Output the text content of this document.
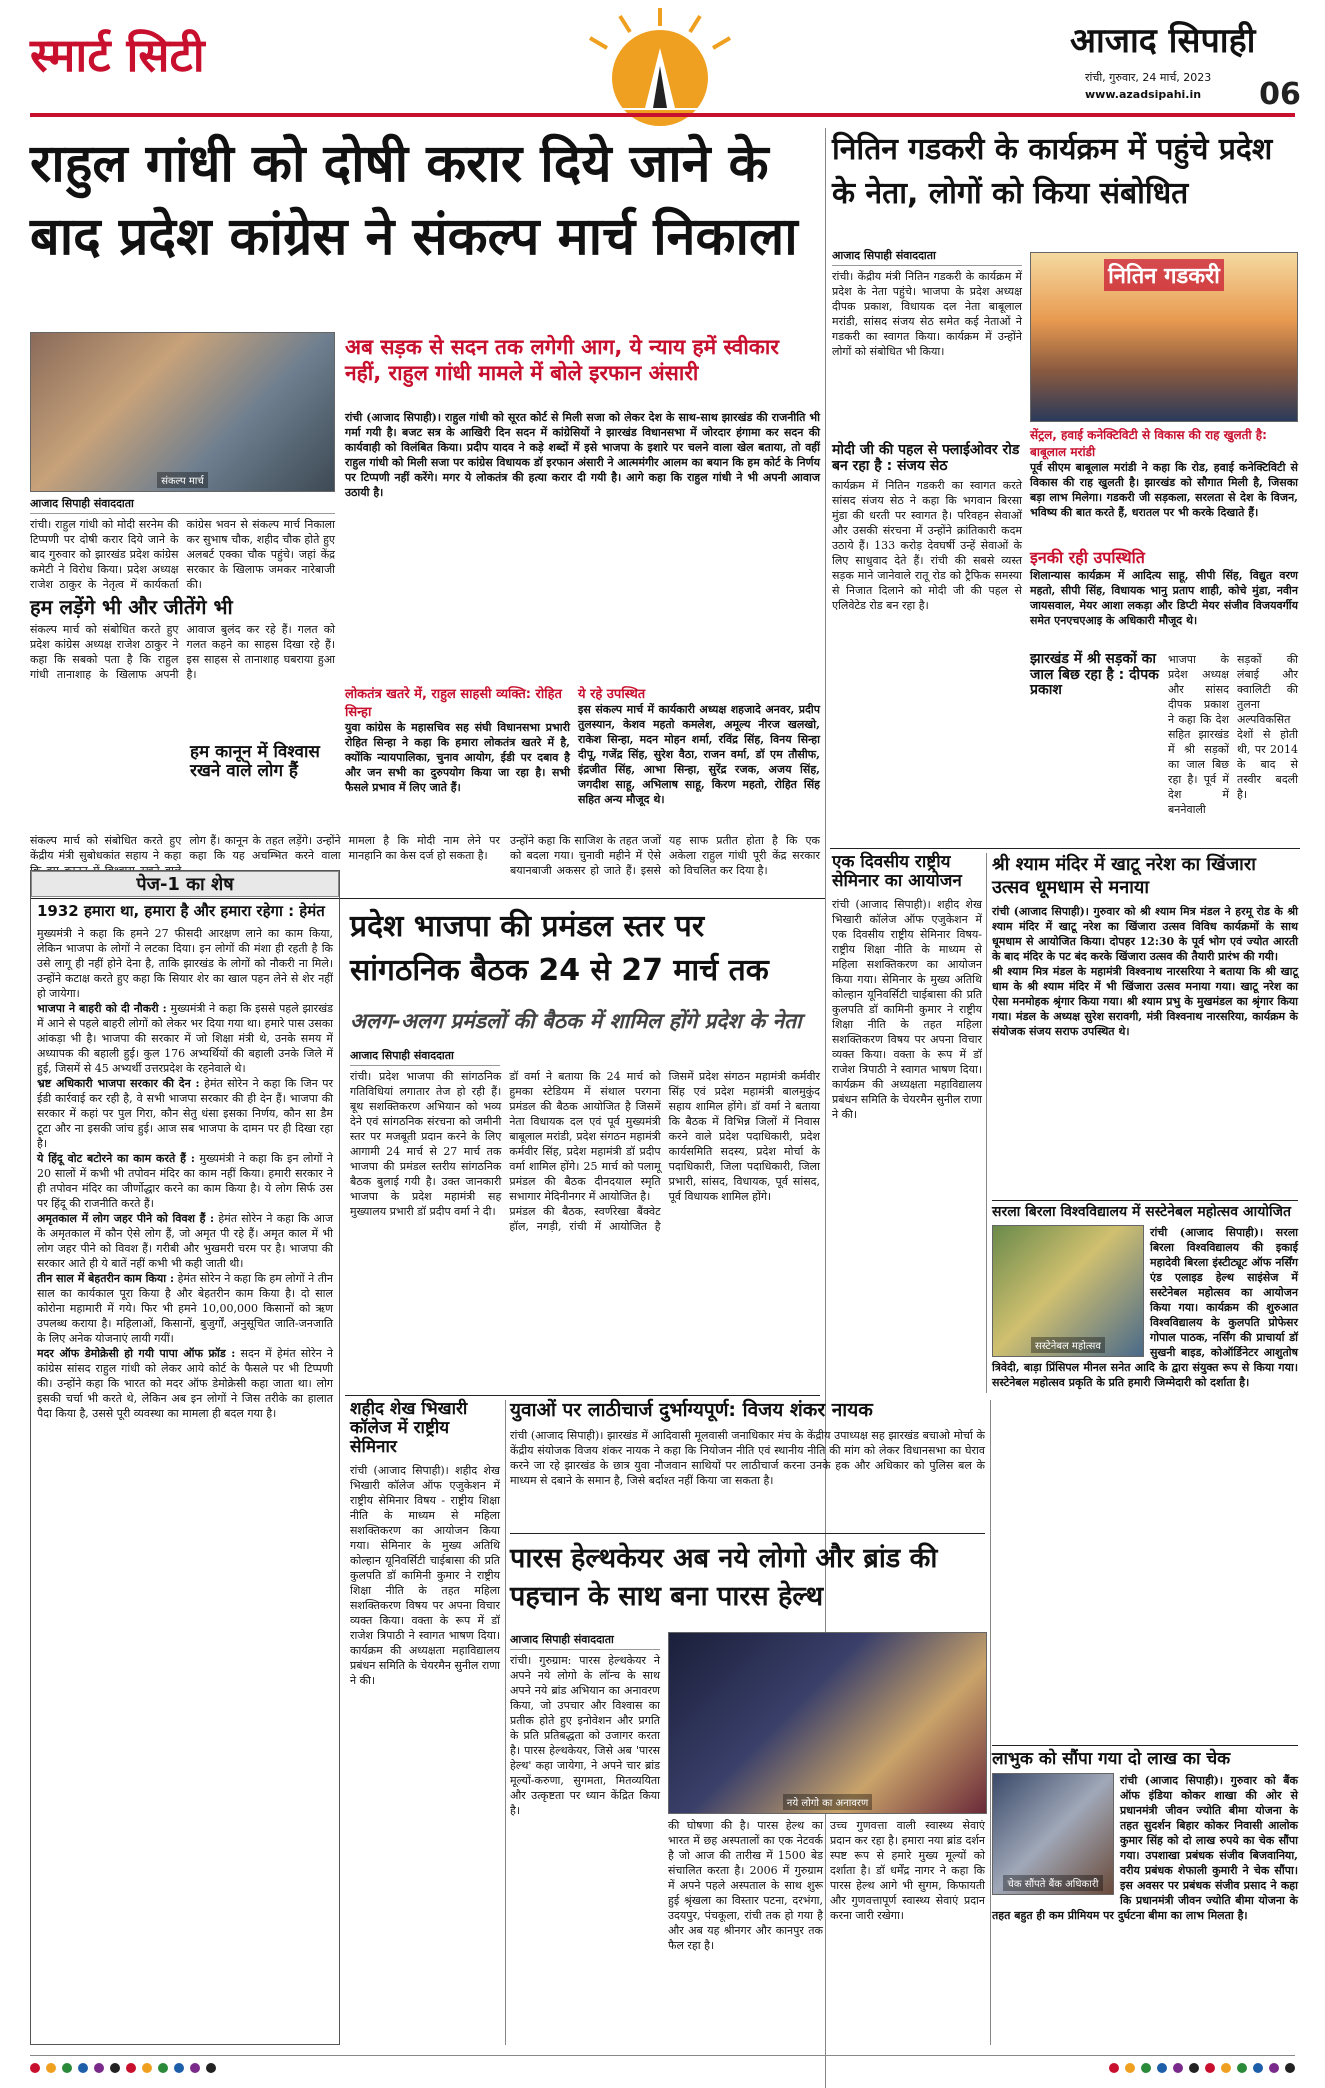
स्मार्ट सिटी	आजाद सिपाही
रांची, गुरुवार, 24 मार्च, 2023
www.azadsipahi.in	06
राहुल गांधी को दोषी करार दिये जाने के बाद प्रदेश कांग्रेस ने संकल्प मार्च निकाला
संकल्प मार्च
आजाद सिपाही संवाददाता
रांची। राहुल गांधी को मोदी सरनेम की टिप्पणी पर दोषी करार दिये जाने के बाद गुरुवार को झारखंड प्रदेश कांग्रेस कमेटी ने विरोध किया। प्रदेश अध्यक्ष राजेश ठाकुर के नेतृत्व में कार्यकर्ता कांग्रेस भवन से संकल्प मार्च निकाला कर सुभाष चौक, शहीद चौक होते हुए अलबर्ट एक्का चौक पहुंचे। जहां केंद्र सरकार के खिलाफ जमकर नारेबाजी की।
हम लड़ेंगे भी और जीतेंगे भी
संकल्प मार्च को संबोधित करते हुए प्रदेश कांग्रेस अध्यक्ष राजेश ठाकुर ने कहा कि सबको पता है कि राहुल गांधी तानाशाह के खिलाफ अपनी आवाज बुलंद कर रहे हैं। गलत को गलत कहने का साहस दिखा रहे हैं। इस साहस से तानाशाह घबराया हुआ है।
हम कानून में विश्वास रखने वाले लोग हैं
संकल्प मार्च को संबोधित करते हुए केंद्रीय मंत्री सुबोधकांत सहाय ने कहा लोग हैं। कानून के तहत लड़ेंगे। उन्होंने कहा कि यह अचम्भित करने वाला मामला है कि मोदी नाम लेने पर मानहानि का केस दर्ज हो सकता है।
उन्होंने कहा कि साजिश के तहत जजों को बदला गया। चुनावी महीने में ऐसे बयानबाजी अकसर हो जाते हैं। इससे यह साफ प्रतीत होता है कि एक अकेला राहुल गांधी पूरी केंद्र सरकार को विचलित कर दिया है।
अब सड़क से सदन तक लगेगी आग, ये न्याय हमें स्वीकार नहीं, राहुल गांधी मामले में बोले इरफान अंसारी
रांची (आजाद सिपाही)। राहुल गांधी को सूरत कोर्ट से मिली सजा को लेकर देश के साथ-साथ झारखंड की राजनीति भी गर्मा गयी है। बजट सत्र के आखिरी दिन सदन में कांग्रेसियों ने झारखंड विधानसभा में जोरदार हंगामा कर सदन की कार्यवाही को विलंबित किया। प्रदीप यादव ने कड़े शब्दों में इसे भाजपा के इशारे पर चलने वाला खेल बताया, तो वहीं राहुल गांधी को मिली सजा पर कांग्रेस विधायक डॉ इरफान अंसारी ने आत्ममंगीर आलम का बयान कि हम कोर्ट के निर्णय पर टिप्पणी नहीं करेंगे। मगर ये लोकतंत्र की हत्या करार दी गयी है। आगे कहा कि राहुल गांधी ने भी अपनी आवाज उठायी है।
लोकतंत्र खतरे में, राहुल साहसी व्यक्ति: रोहित सिन्हा
युवा कांग्रेस के महासचिव सह संघी विधानसभा प्रभारी रोहित सिन्हा ने कहा कि हमारा लोकतंत्र खतरे में है, क्योंकि न्यायपालिका, चुनाव आयोग, ईडी पर दबाव है और जन सभी का दुरुपयोग किया जा रहा है। सभी फैसले प्रभाव में लिए जाते हैं।
ये रहे उपस्थित
इस संकल्प मार्च में कार्यकारी अध्यक्ष शहजादे अनवर, प्रदीप तुलस्यान, केशव महतो कमलेश, अमूल्य नीरज खलखो, राकेश सिन्हा, मदन मोहन शर्मा, रविंद्र सिंह, विनय सिन्हा दीपू, गजेंद्र सिंह, सुरेश वैठा, राजन वर्मा, डॉ एम तौसीफ, इंद्रजीत सिंह, आभा सिन्हा, सुरेंद्र रजक, अजय सिंह, जगदीश साहू, अभिलाष साहू, किरण महतो, रोहित सिंह सहित अन्य मौजूद थे।
नितिन गडकरी के कार्यक्रम में पहुंचे प्रदेश के नेता, लोगों को किया संबोधित
आजाद सिपाही संवाददाता
रांची। केंद्रीय मंत्री नितिन गडकरी के कार्यक्रम में प्रदेश के नेता पहुंचे। भाजपा के प्रदेश अध्यक्ष दीपक प्रकाश, विधायक दल नेता बाबूलाल मरांडी, सांसद संजय सेठ समेत कई नेताओं ने गडकरी का स्वागत किया। कार्यक्रम में उन्होंने लोगों को संबोधित भी किया।
मोदी जी की पहल से फ्लाईओवर रोड बन रहा है : संजय सेठ
कार्यक्रम में नितिन गडकरी का स्वागत करते सांसद संजय सेठ ने कहा कि भगवान बिरसा मुंडा की धरती पर स्वागत है। परिवहन सेवाओं और उसकी संरचना में उन्होंने क्रांतिकारी कदम उठाये हैं। 133 करोड़ देवघर्षी उन्हें सेवाओं के लिए साधुवाद देते हैं। रांची की सबसे व्यस्त सड़क माने जानेवाले रातू रोड को ट्रैफिक समस्या से निजात दिलाने को मोदी जी की पहल से एलिवेटेड रोड बन रहा है।
नितिन गडकरी
सेंट्रल, हवाई कनेक्टिविटी से विकास की राह खुलती है: बाबूलाल मरांडी
पूर्व सीएम बाबूलाल मरांडी ने कहा कि रोड, हवाई कनेक्टिविटी से विकास की राह खुलती है। झारखंड को सौगात मिली है, जिसका बड़ा लाभ मिलेगा। गडकरी जी सड़कला, सरलता से देश के विजन, भविष्य की बात करते हैं, धरातल पर भी करके दिखाते हैं।
इनकी रही उपस्थिति
शिलान्यास कार्यक्रम में आदित्य साहू, सीपी सिंह, विद्युत वरण महतो, सीपी सिंह, विधायक भानु प्रताप शाही, कोचे मुंडा, नवीन जायसवाल, मेयर आशा लकड़ा और डिप्टी मेयर संजीव विजयवर्गीय समेत एनएचएआइ के अधिकारी मौजूद थे।
झारखंड में श्री सड़कों का जाल बिछ रहा है : दीपक प्रकाश
भाजपा के प्रदेश अध्यक्ष और सांसद दीपक प्रकाश ने कहा कि देश सहित झारखंड में श्री सड़कों का जाल बिछ रहा है। पूर्व में देश में बननेवाली सड़कों की लंबाई और क्वालिटी की तुलना अल्पविकसित देशों से होती थी, पर 2014 के बाद से तस्वीर बदली है।
पेज-1 का शेष
1932 हमारा था, हमारा है और हमारा रहेगा : हेमंत
मुख्यमंत्री ने कहा कि हमने 27 फीसदी आरक्षण लाने का काम किया, लेकिन भाजपा के लोगों ने लटका दिया। इन लोगों की मंशा ही रहती है कि उसे लागू ही नहीं होने देना है, ताकि झारखंड के लोगों को नौकरी ना मिले। उन्होंने कटाक्ष करते हुए कहा कि सियार शेर का खाल पहन लेने से शेर नहीं हो जायेगा।
भाजपा ने बाहरी को दी नौकरी : मुख्यमंत्री ने कहा कि इससे पहले झारखंड में आने से पहले बाहरी लोगों को लेकर भर दिया गया था। हमारे पास उसका आंकड़ा भी है। भाजपा की सरकार में जो शिक्षा मंत्री थे, उनके समय में अध्यापक की बहाली हुई। कुल 176 अभ्यर्थियों की बहाली उनके जिले में हुई, जिसमें से 45 अभ्यर्थी उत्तरप्रदेश के रहनेवाले थे।
भ्रष्ट अधिकारी भाजपा सरकार की देन : हेमंत सोरेन ने कहा कि जिन पर ईडी कार्रवाई कर रही है, वे सभी भाजपा सरकार की ही देन हैं। भाजपा की सरकार में कहां पर पुल गिरा, कौन सेतु धंसा इसका निर्णय, कौन सा डैम टूटा और ना इसकी जांच हुई। आज सब भाजपा के दामन पर ही दिखा रहा है।
ये हिंदू वोट बटोरने का काम करते हैं : मुख्यमंत्री ने कहा कि इन लोगों ने 20 सालों में कभी भी तपोवन मंदिर का काम नहीं किया। हमारी सरकार ने ही तपोवन मंदिर का जीर्णोद्धार करने का काम किया है। ये लोग सिर्फ उस पर हिंदू की राजनीति करते हैं।
अमृतकाल में लोग जहर पीने को विवश हैं : हेमंत सोरेन ने कहा कि आज के अमृतकाल में कौन ऐसे लोग हैं, जो अमृत पी रहे हैं। अमृत काल में भी लोग जहर पीने को विवश हैं। गरीबी और भुखमरी चरम पर है। भाजपा की सरकार आते ही ये बातें नहीं कभी भी कही जाती थी।
तीन साल में बेहतरीन काम किया : हेमंत सोरेन ने कहा कि हम लोगों ने तीन साल का कार्यकाल पूरा किया है और बेहतरीन काम किया है। दो साल कोरोना महामारी में गये। फिर भी हमने 10,00,000 किसानों को ऋण उपलब्ध कराया है। महिलाओं, किसानों, बुजुर्गों, अनुसूचित जाति-जनजाति के लिए अनेक योजनाएं लायी गयीं।
मदर ऑफ डेमोक्रेसी हो गयी पापा ऑफ फ्रॉड : सदन में हेमंत सोरेन ने कांग्रेस सांसद राहुल गांधी को लेकर आये कोर्ट के फैसले पर भी टिप्पणी की। उन्होंने कहा कि भारत को मदर ऑफ डेमोक्रेसी कहा जाता था। लोग इसकी चर्चा भी करते थे, लेकिन अब इन लोगों ने जिस तरीके का हालात पैदा किया है, उससे पूरी व्यवस्था का मामला ही बदल गया है।
प्रदेश भाजपा की प्रमंडल स्तर पर सांगठनिक बैठक 24 से 27 मार्च तक
अलग-अलग प्रमंडलों की बैठक में शामिल होंगे प्रदेश के नेता
आजाद सिपाही संवाददाता
रांची। प्रदेश भाजपा की सांगठनिक गतिविधियां लगातार तेज हो रही हैं। बूथ सशक्तिकरण अभियान को भव्य देने एवं सांगठनिक संरचना को जमीनी स्तर पर मजबूती प्रदान करने के लिए आगामी 24 मार्च से 27 मार्च तक भाजपा की प्रमंडल स्तरीय सांगठनिक बैठक बुलाई गयी है। उक्त जानकारी भाजपा के प्रदेश महामंत्री सह मुख्यालय प्रभारी डॉ प्रदीप वर्मा ने दी।
डॉ वर्मा ने बताया कि 24 मार्च को हुमका स्टेडियम में संथाल परगना प्रमंडल की बैठक आयोजित है जिसमें नेता विधायक दल एवं पूर्व मुख्यमंत्री बाबूलाल मरांडी, प्रदेश संगठन महामंत्री कर्मवीर सिंह, प्रदेश महामंत्री डॉ प्रदीप वर्मा शामिल होंगे। 25 मार्च को पलामू प्रमंडल की बैठक दीनदयाल स्मृति सभागार मेदिनीनगर में आयोजित है।
प्रमंडल की बैठक, स्वर्णरेखा बैंक्वेट हॉल, नगड़ी, रांची में आयोजित है जिसमें प्रदेश संगठन महामंत्री कर्मवीर सिंह एवं प्रदेश महामंत्री बालमुकुंद सहाय शामिल होंगे। डॉ वर्मा ने बताया कि बैठक में विभिन्न जिलों में निवास करने वाले प्रदेश पदाधिकारी, प्रदेश कार्यसमिति सदस्य, प्रदेश मोर्चा के पदाधिकारी, जिला पदाधिकारी, जिला प्रभारी, सांसद, विधायक, पूर्व सांसद, पूर्व विधायक शामिल होंगे।
शहीद शेख भिखारी कॉलेज में राष्ट्रीय सेमिनार
रांची (आजाद सिपाही)। शहीद शेख भिखारी कॉलेज ऑफ एजुकेशन में राष्ट्रीय सेमिनार विषय - राष्ट्रीय शिक्षा नीति के माध्यम से महिला सशक्तिकरण का आयोजन किया गया। सेमिनार के मुख्य अतिथि कोल्हान यूनिवर्सिटी चाईबासा की प्रति कुलपति डॉ कामिनी कुमार ने राष्ट्रीय शिक्षा नीति के तहत महिला सशक्तिकरण विषय पर अपना विचार व्यक्त किया। वक्ता के रूप में डॉ राजेश त्रिपाठी ने स्वागत भाषण दिया। कार्यक्रम की अध्यक्षता महाविद्यालय प्रबंधन समिति के चेयरमैन सुनील राणा ने की।
युवाओं पर लाठीचार्ज दुर्भाग्यपूर्ण: विजय शंकर नायक
रांची (आजाद सिपाही)। झारखंड में आदिवासी मूलवासी जनाधिकार मंच के केंद्रीय उपाध्यक्ष सह झारखंड बचाओ मोर्चा के केंद्रीय संयोजक विजय शंकर नायक ने कहा कि नियोजन नीति एवं स्थानीय नीति की मांग को लेकर विधानसभा का घेराव करने जा रहे झारखंड के छात्र युवा नौजवान साथियों पर लाठीचार्ज करना उनके हक और अधिकार को पुलिस बल के माध्यम से दबाने के समान है, जिसे बर्दाश्त नहीं किया जा सकता है।
पारस हेल्थकेयर अब नये लोगो और ब्रांड की पहचान के साथ बना पारस हेल्थ
आजाद सिपाही संवाददाता
रांची। गुरुग्राम: पारस हेल्थकेयर ने अपने नये लोगो के लॉन्च के साथ अपने नये ब्रांड अभियान का अनावरण किया, जो उपचार और विश्वास का प्रतीक होते हुए इनोवेशन और प्रगति के प्रति प्रतिबद्धता को उजागर करता है। पारस हेल्थकेयर, जिसे अब 'पारस हेल्थ' कहा जायेगा, ने अपने चार ब्रांड मूल्यों-करुणा, सुगमता, मितव्ययिता और उत्कृष्टता पर ध्यान केंद्रित किया है।
नये लोगो का अनावरण
की घोषणा की है। पारस हेल्थ का भारत में छह अस्पतालों का एक नेटवर्क है जो आज की तारीख में 1500 बेड संचालित करता है। 2006 में गुरुग्राम में अपने पहले अस्पताल के साथ शुरू हुई श्रृंखला का विस्तार पटना, दरभंगा, उदयपुर, पंचकूला, रांची तक हो गया है और अब यह श्रीनगर और कानपुर तक फैल रहा है।
उच्च गुणवत्ता वाली स्वास्थ्य सेवाएं प्रदान कर रहा है। हमारा नया ब्रांड दर्शन स्पष्ट रूप से हमारे मुख्य मूल्यों को दर्शाता है। डॉ धर्मेंद्र नागर ने कहा कि पारस हेल्थ आगे भी सुगम, किफायती और गुणवत्तापूर्ण स्वास्थ्य सेवाएं प्रदान करना जारी रखेगा।
एक दिवसीय राष्ट्रीय सेमिनार का आयोजन
रांची (आजाद सिपाही)। शहीद शेख भिखारी कॉलेज ऑफ एजुकेशन में एक दिवसीय राष्ट्रीय सेमिनार विषय- राष्ट्रीय शिक्षा नीति के माध्यम से महिला सशक्तिकरण का आयोजन किया गया। सेमिनार के मुख्य अतिथि कोल्हान यूनिवर्सिटी चाईबासा की प्रति कुलपति डॉ कामिनी कुमार ने राष्ट्रीय शिक्षा नीति के तहत महिला सशक्तिकरण विषय पर अपना विचार व्यक्त किया। वक्ता के रूप में डॉ राजेश त्रिपाठी ने स्वागत भाषण दिया। कार्यक्रम की अध्यक्षता महाविद्यालय प्रबंधन समिति के चेयरमैन सुनील राणा ने की।
श्री श्याम मंदिर में खाटू नरेश का खिंजारा उत्सव धूमधाम से मनाया
रांची (आजाद सिपाही)। गुरुवार को श्री श्याम मित्र मंडल ने हरमू रोड के श्री श्याम मंदिर में खाटू नरेश का खिंजारा उत्सव विविध कार्यक्रमों के साथ धूमधाम से आयोजित किया। दोपहर 12:30 के पूर्व भोग एवं ज्योत आरती के बाद मंदिर के पट बंद करके खिंजारा उत्सव की तैयारी प्रारंभ की गयी।
श्री श्याम मित्र मंडल के महामंत्री विश्वनाथ नारसरिया ने बताया कि श्री खाटू धाम के श्री श्याम मंदिर में भी खिंजारा उत्सव मनाया गया। खाटू नरेश का ऐसा मनमोहक श्रृंगार किया गया। श्री श्याम प्रभु के मुखमंडल का श्रृंगार किया गया। मंडल के अध्यक्ष सुरेश सरावगी, मंत्री विश्वनाथ नारसरिया, कार्यक्रम के संयोजक संजय सराफ उपस्थित थे।
सरला बिरला विश्वविद्यालय में सस्टेनेबल महोत्सव आयोजित
सस्टेनेबल महोत्सव
रांची (आजाद सिपाही)। सरला बिरला विश्वविद्यालय की इकाई महादेवी बिरला इंस्टीट्यूट ऑफ नर्सिंग एंड एलाइड हेल्थ साइंसेज में सस्टेनेबल महोत्सव का आयोजन किया गया। कार्यक्रम की शुरुआत विश्वविद्यालय के कुलपति प्रोफेसर गोपाल पाठक, नर्सिंग की प्राचार्या डॉ सुखनी बाइड, कोऑर्डिनेटर आशुतोष त्रिवेदी, बाड़ा प्रिंसिपल मीनल सनेत आदि के द्वारा संयुक्त रूप से किया गया। सस्टेनेबल महोत्सव प्रकृति के प्रति हमारी जिम्मेदारी को दर्शाता है।
लाभुक को सौंपा गया दो लाख का चेक
चेक सौंपते बैंक अधिकारी
रांची (आजाद सिपाही)। गुरुवार को बैंक ऑफ इंडिया कोकर शाखा की ओर से प्रधानमंत्री जीवन ज्योति बीमा योजना के तहत सुदर्शन बिहार कोकर निवासी आलोक कुमार सिंह को दो लाख रुपये का चेक सौंपा गया। उपशाखा प्रबंधक संजीव बिजवानिया, वरीय प्रबंधक शेफाली कुमारी ने चेक सौंपा। इस अवसर पर प्रबंधक संजीव प्रसाद ने कहा कि प्रधानमंत्री जीवन ज्योति बीमा योजना के तहत बहुत ही कम प्रीमियम पर दुर्घटना बीमा का लाभ मिलता है।
